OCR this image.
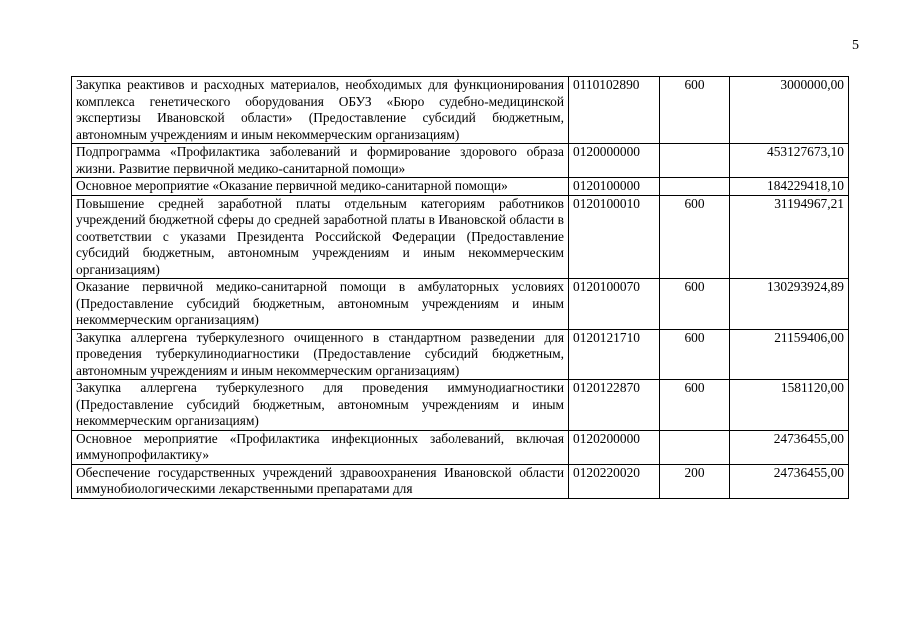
5
Закупка реактивов и расходных материалов, необходимых для функционирования комплекса генетического оборудования ОБУЗ «Бюро судебно-медицинской экспертизы Ивановской области» (Предоставление субсидий бюджетным, автономным учреждениям и иным некоммерческим организациям)	0110102890	600	3000000,00
Подпрограмма «Профилактика заболеваний и формирование здорового образа жизни. Развитие первичной медико-санитарной помощи»	0120000000		453127673,10
Основное мероприятие «Оказание первичной медико-санитарной помощи»	0120100000		184229418,10
Повышение средней заработной платы отдельным категориям работников учреждений бюджетной сферы до средней заработной платы в Ивановской области в соответствии с указами Президента Российской Федерации (Предоставление субсидий бюджетным, автономным учреждениям и иным некоммерческим организациям)	0120100010	600	31194967,21
Оказание первичной медико-санитарной помощи в амбулаторных условиях (Предоставление субсидий бюджетным, автономным учреждениям и иным некоммерческим организациям)	0120100070	600	130293924,89
Закупка аллергена туберкулезного очищенного в стандартном разведении для проведения туберкулинодиагностики (Предоставление субсидий бюджетным, автономным учреждениям и иным некоммерческим организациям)	0120121710	600	21159406,00
Закупка аллергена туберкулезного для проведения иммунодиагностики (Предоставление субсидий бюджетным, автономным учреждениям и иным некоммерческим организациям)	0120122870	600	1581120,00
Основное мероприятие «Профилактика инфекционных заболеваний, включая иммунопрофилактику»	0120200000		24736455,00
Обеспечение государственных учреждений здравоохранения Ивановской области иммунобиологическими лекарственными препаратами для	0120220020	200	24736455,00
